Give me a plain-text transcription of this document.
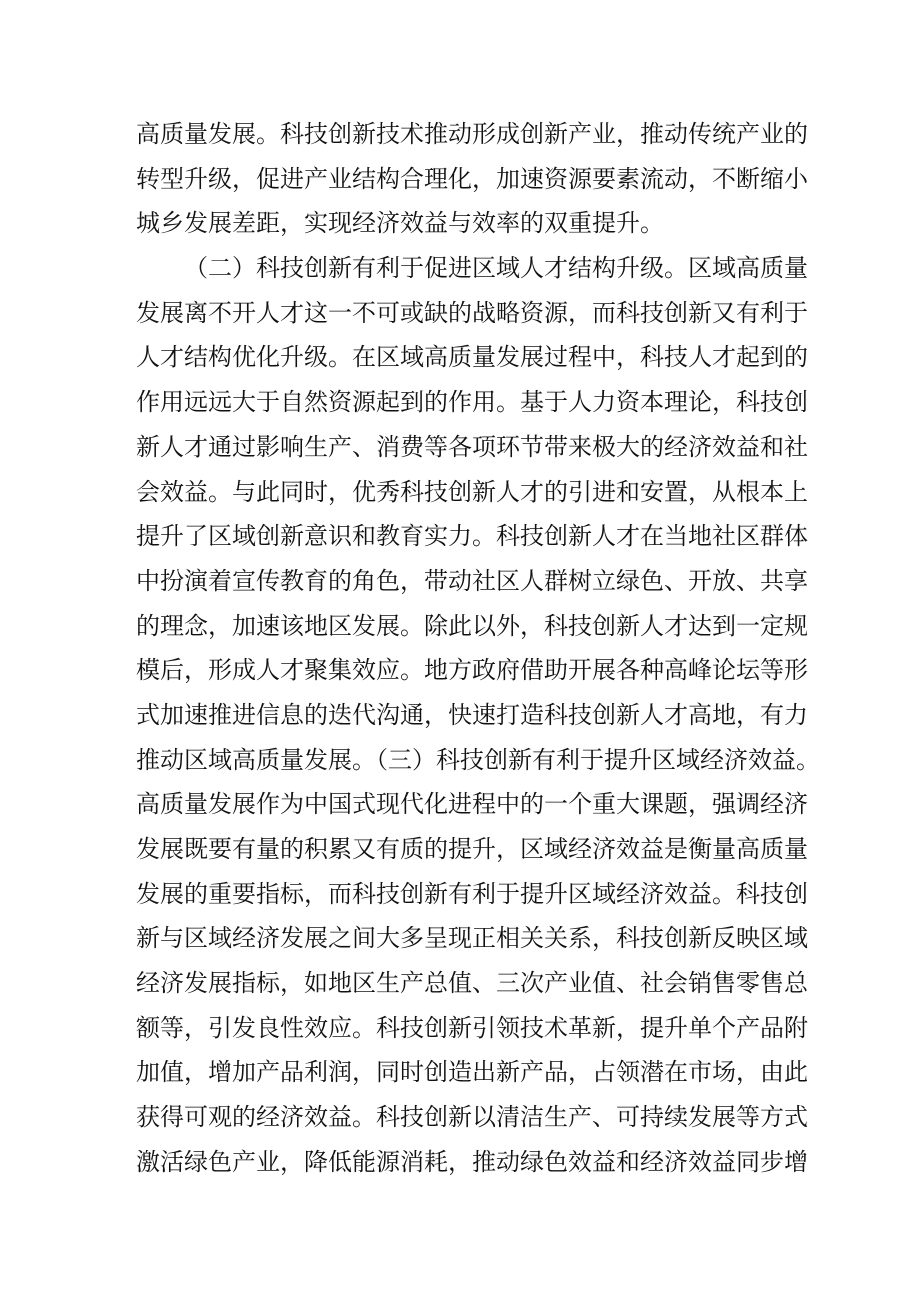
高质量发展。科技创新技术推动形成创新产业，推动传统产业的
转型升级，促进产业结构合理化，加速资源要素流动，不断缩小
城乡发展差距，实现经济效益与效率的双重提升。
（二）科技创新有利于促进区域人才结构升级。区域高质量
发展离不开人才这一不可或缺的战略资源，而科技创新又有利于
人才结构优化升级。在区域高质量发展过程中，科技人才起到的
作用远远大于自然资源起到的作用。基于人力资本理论，科技创
新人才通过影响生产、消费等各项环节带来极大的经济效益和社
会效益。与此同时，优秀科技创新人才的引进和安置，从根本上
提升了区域创新意识和教育实力。科技创新人才在当地社区群体
中扮演着宣传教育的角色，带动社区人群树立绿色、开放、共享
的理念，加速该地区发展。除此以外，科技创新人才达到一定规
模后，形成人才聚集效应。地方政府借助开展各种高峰论坛等形
式加速推进信息的迭代沟通，快速打造科技创新人才高地，有力
推动区域高质量发展。（三）科技创新有利于提升区域经济效益。
高质量发展作为中国式现代化进程中的一个重大课题，强调经济
发展既要有量的积累又有质的提升，区域经济效益是衡量高质量
发展的重要指标，而科技创新有利于提升区域经济效益。科技创
新与区域经济发展之间大多呈现正相关关系，科技创新反映区域
经济发展指标，如地区生产总值、三次产业值、社会销售零售总
额等，引发良性效应。科技创新引领技术革新，提升单个产品附
加值，增加产品利润，同时创造出新产品，占领潜在市场，由此
获得可观的经济效益。科技创新以清洁生产、可持续发展等方式
激活绿色产业，降低能源消耗，推动绿色效益和经济效益同步增
